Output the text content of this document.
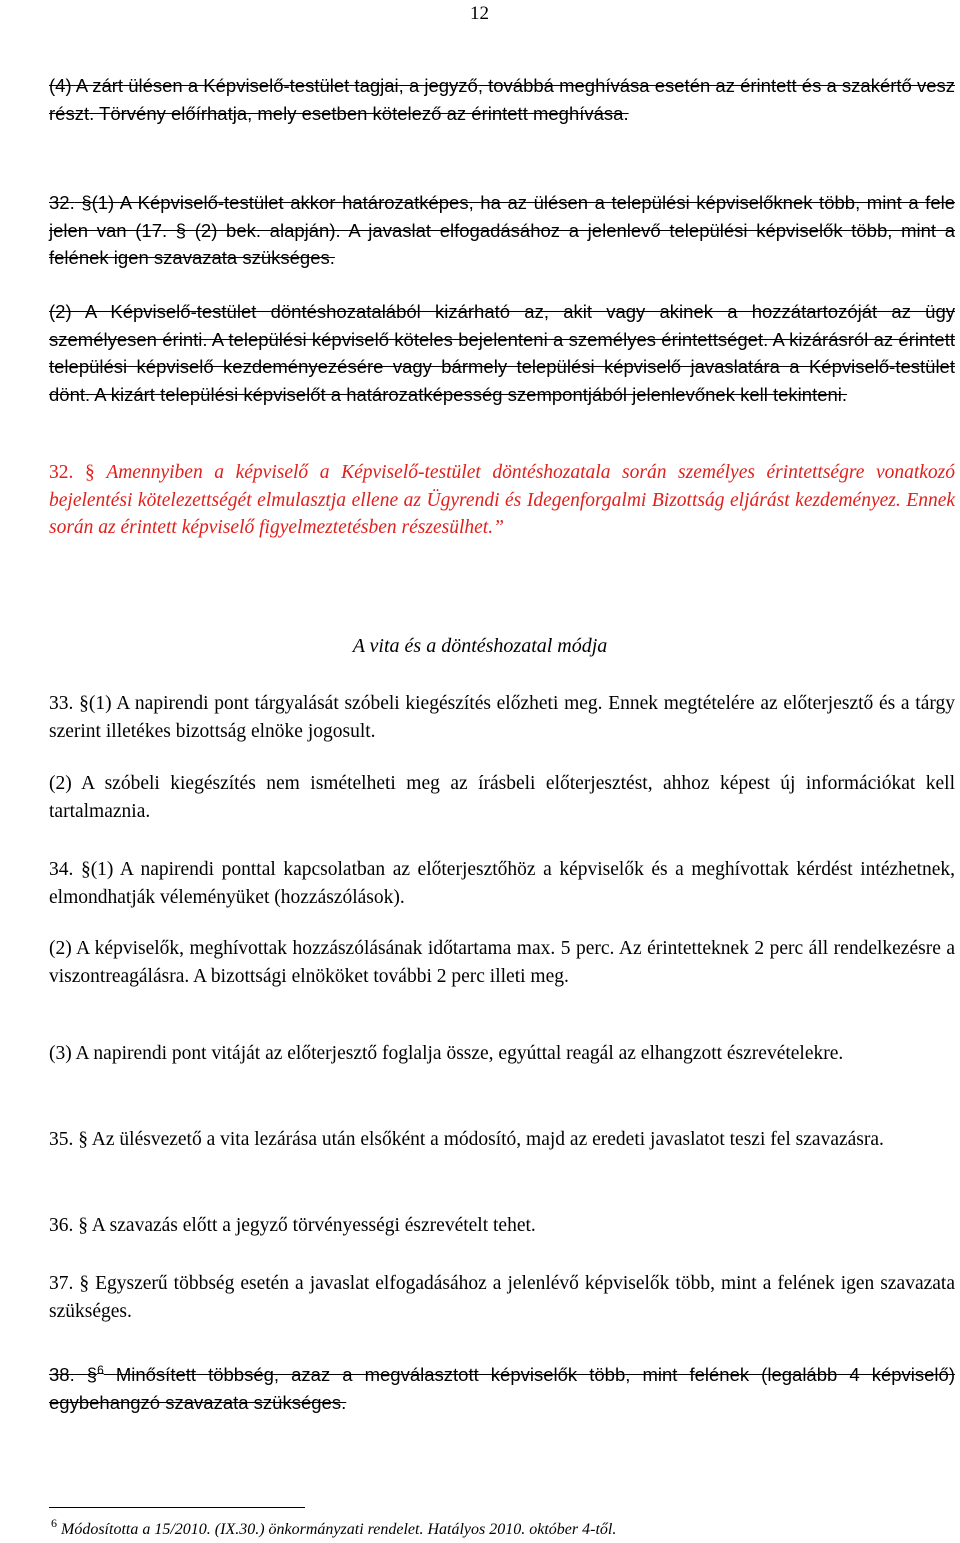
12
(4) A zárt ülésen a Képviselő-testület tagjai, a jegyző, továbbá meghívása esetén az érintett és a szakértő vesz részt. Törvény előírhatja, mely esetben kötelező az érintett meghívása.
32. §(1) A Képviselő-testület akkor határozatképes, ha az ülésen a települési képviselőknek több, mint a fele jelen van (17. § (2) bek. alapján). A javaslat elfogadásához a jelenlevő települési képviselők több, mint a felének igen szavazata szükséges.
(2) A Képviselő-testület döntéshozatalából kizárható az, akit vagy akinek a hozzátartozóját az ügy személyesen érinti. A települési képviselő köteles bejelenteni a személyes érintettséget. A kizárásról az érintett települési képviselő kezdeményezésére vagy bármely települési képviselő javaslatára a Képviselő-testület dönt. A kizárt települési képviselőt a határozatképesség szempontjából jelenlevőnek kell tekinteni.
32. § Amennyiben a képviselő a Képviselő-testület döntéshozatala során személyes érintettségre vonatkozó bejelentési kötelezettségét elmulasztja ellene az Ügyrendi és Idegenforgalmi Bizottság eljárást kezdeményez. Ennek során az érintett képviselő figyelmeztetésben részesülhet.”
A vita és a döntéshozatal módja
33. §(1) A napirendi pont tárgyalását szóbeli kiegészítés előzheti meg. Ennek megtételére az előterjesztő és a tárgy szerint illetékes bizottság elnöke jogosult.
(2) A szóbeli kiegészítés nem ismételheti meg az írásbeli előterjesztést, ahhoz képest új információkat kell tartalmaznia.
34. §(1) A napirendi ponttal kapcsolatban az előterjesztőhöz a képviselők és a meghívottak kérdést intézhetnek, elmondhatják véleményüket (hozzászólások).
(2) A képviselők, meghívottak hozzászólásának időtartama max. 5 perc. Az érintetteknek 2 perc áll rendelkezésre a viszontreagálásra. A bizottsági elnököket további 2 perc illeti meg.
(3) A napirendi pont vitáját az előterjesztő foglalja össze, egyúttal reagál az elhangzott észrevételekre.
35. § Az ülésvezető a vita lezárása után elsőként a módosító, majd az eredeti javaslatot teszi fel szavazásra.
36. § A szavazás előtt a jegyző törvényességi észrevételt tehet.
37. § Egyszerű többség esetén a javaslat elfogadásához a jelenlévő képviselők több, mint a felének igen szavazata szükséges.
38. §$^6$ Minősített többség, azaz a megválasztott képviselők több, mint felének (legalább 4 képviselő) egybehangzó szavazata szükséges.
$^6$ Módosította a 15/2010. (IX.30.) önkormányzati rendelet. Hatályos 2010. október 4-től.
